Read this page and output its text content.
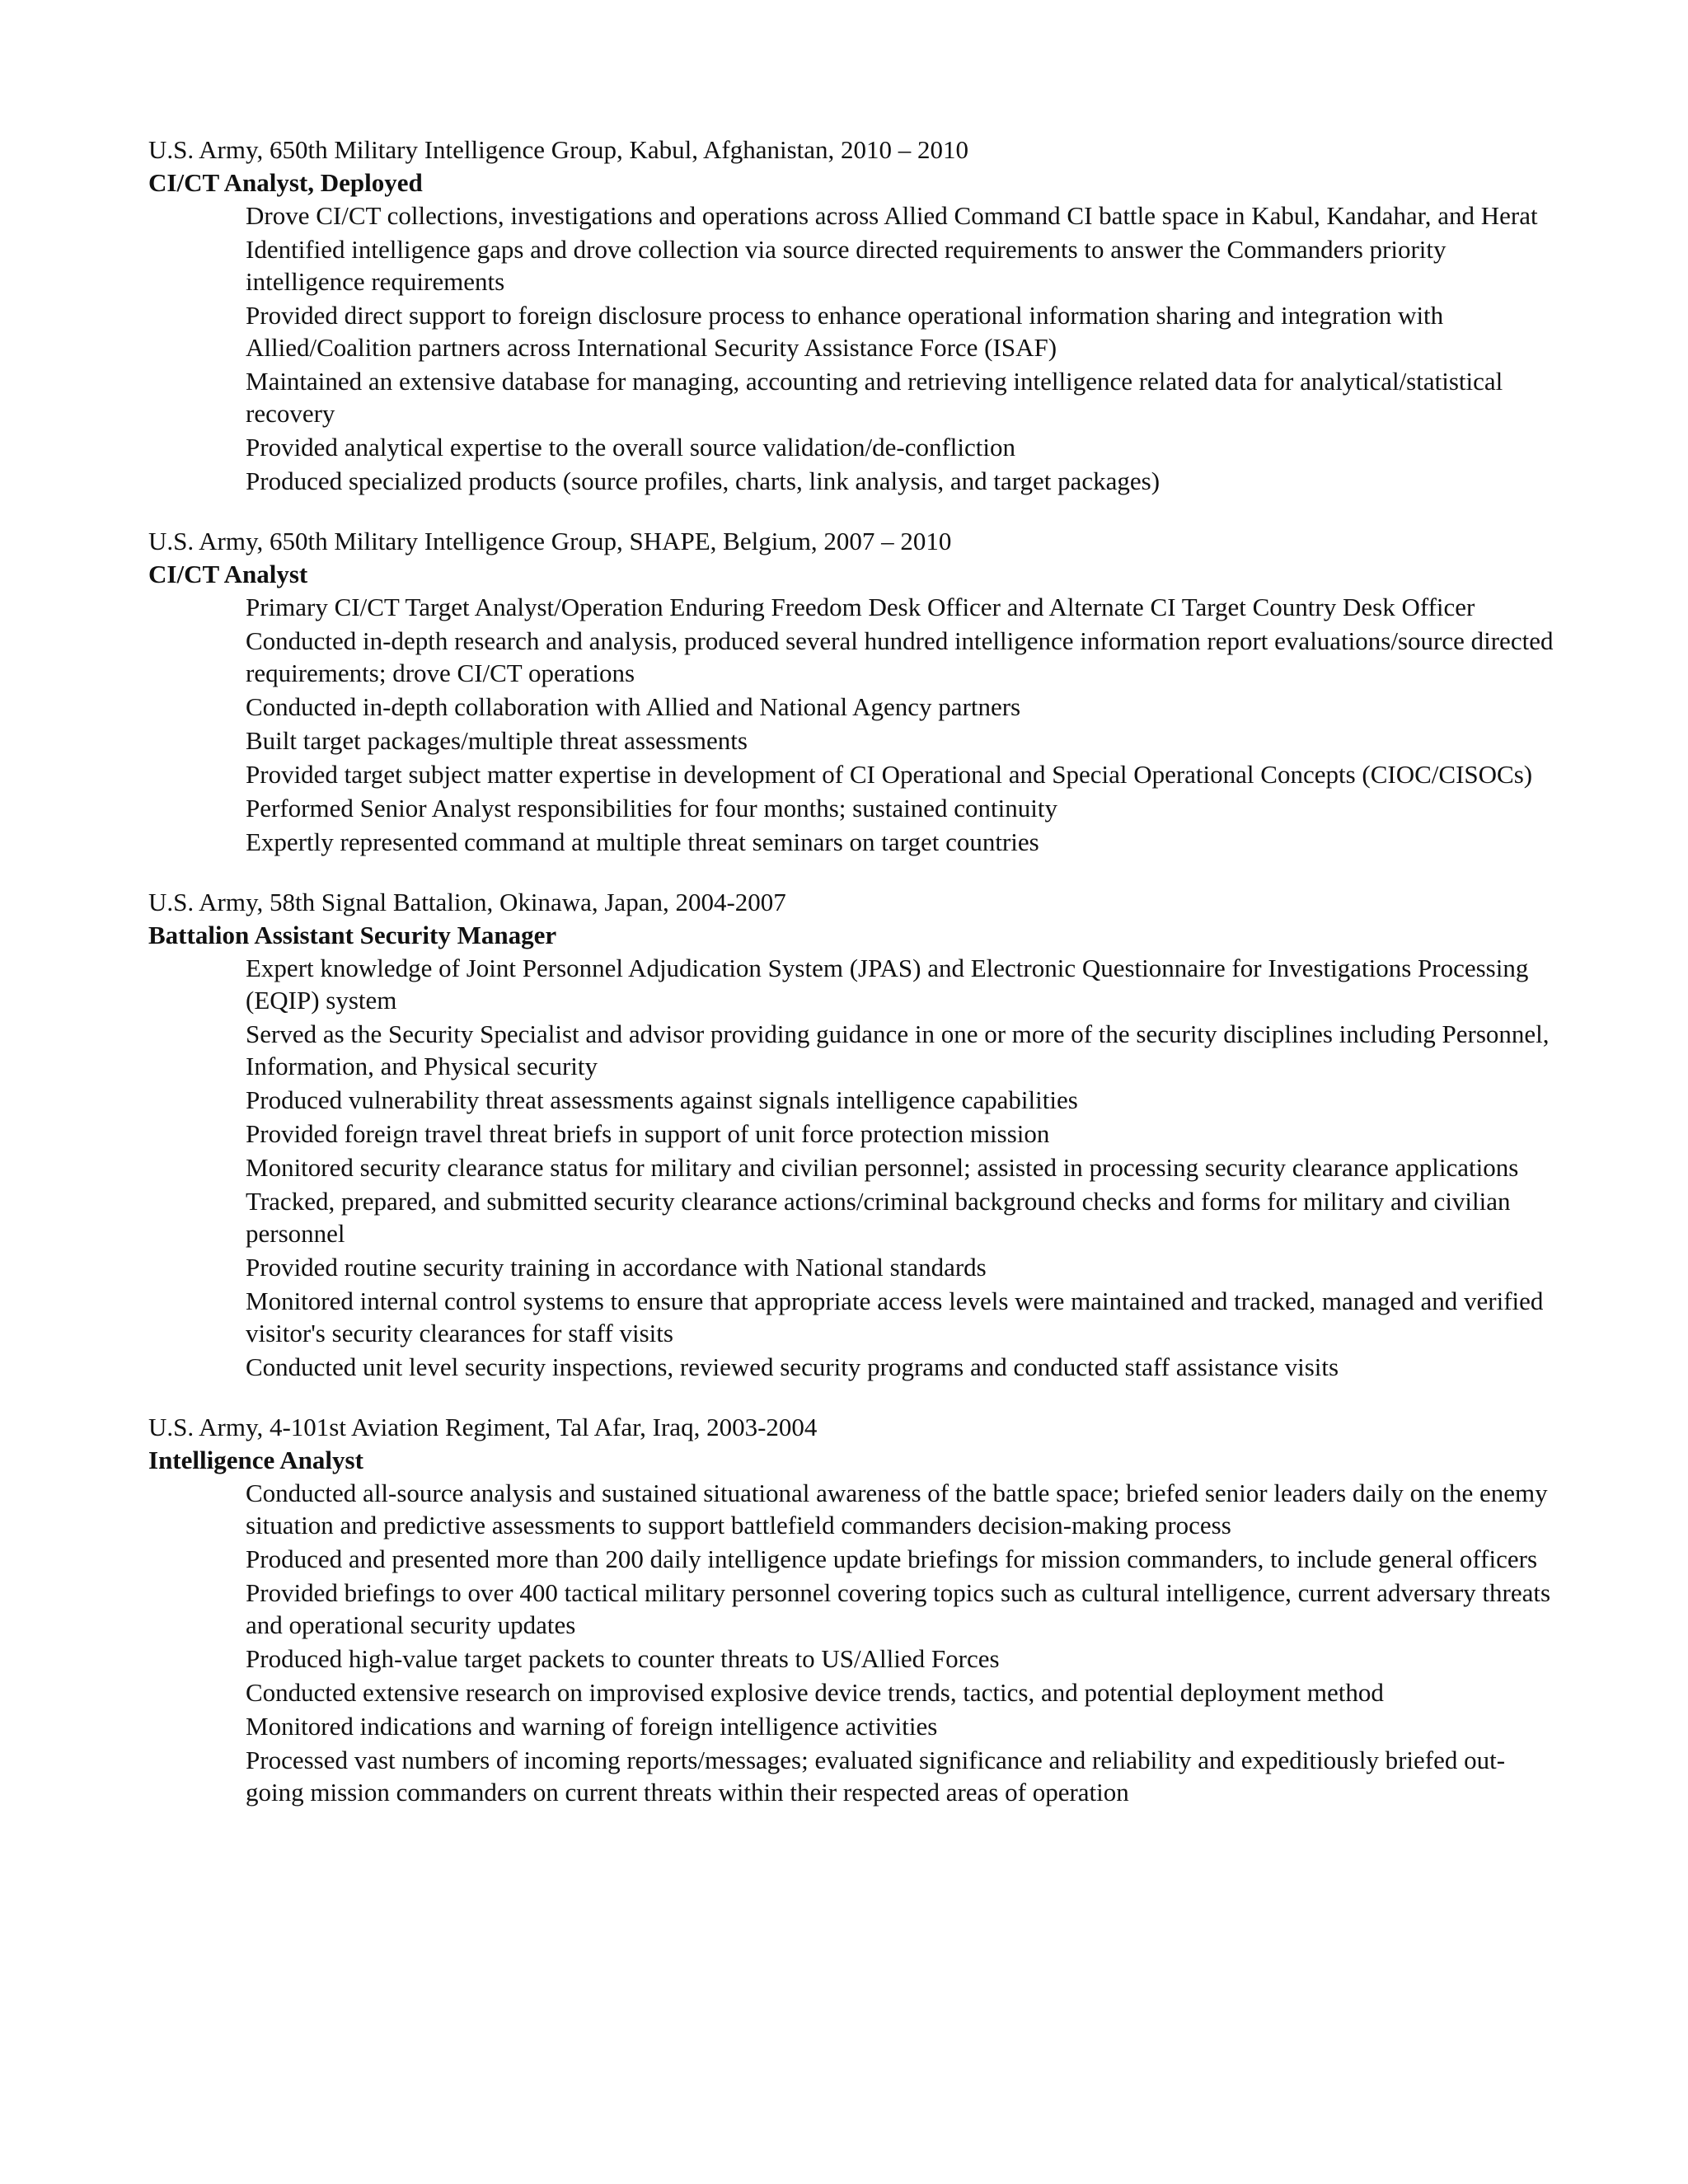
U.S. Army, 650th Military Intelligence Group, Kabul, Afghanistan, 2010 – 2010
CI/CT Analyst, Deployed
Drove CI/CT collections, investigations and operations across Allied Command CI battle space in Kabul, Kandahar, and Herat
Identified intelligence gaps and drove collection via source directed requirements to answer the Commanders priority intelligence requirements
Provided direct support to foreign disclosure process to enhance operational information sharing and integration with Allied/Coalition partners across International Security Assistance Force (ISAF)
Maintained an extensive database for managing, accounting and retrieving intelligence related data for analytical/statistical recovery
Provided analytical expertise to the overall source validation/de-confliction
Produced specialized products (source profiles, charts, link analysis, and target packages)
U.S. Army, 650th Military Intelligence Group, SHAPE, Belgium, 2007 – 2010
CI/CT Analyst
Primary CI/CT Target Analyst/Operation Enduring Freedom Desk Officer and Alternate CI Target Country Desk Officer
Conducted in-depth research and analysis, produced several hundred intelligence information report evaluations/source directed requirements; drove CI/CT operations
Conducted in-depth collaboration with Allied and National Agency partners
Built target packages/multiple threat assessments
Provided target subject matter expertise in development of CI Operational and Special Operational Concepts (CIOC/CISOCs)
Performed Senior Analyst responsibilities for four months; sustained continuity
Expertly represented command at multiple threat seminars on target countries
U.S. Army, 58th Signal Battalion, Okinawa, Japan, 2004-2007
Battalion Assistant Security Manager
Expert knowledge of Joint Personnel Adjudication System (JPAS) and Electronic Questionnaire for Investigations Processing (EQIP) system
Served as the Security Specialist and advisor providing guidance in one or more of the security disciplines including Personnel, Information, and Physical security
Produced vulnerability threat assessments against signals intelligence capabilities
Provided foreign travel threat briefs in support of unit force protection mission
Monitored security clearance status for military and civilian personnel; assisted in processing security clearance applications
Tracked, prepared, and submitted security clearance actions/criminal background checks and forms for military and civilian personnel
Provided routine security training in accordance with National standards
Monitored internal control systems to ensure that appropriate access levels were maintained and tracked, managed and verified visitor's security clearances for staff visits
Conducted unit level security inspections, reviewed security programs and conducted staff assistance visits
U.S. Army, 4-101st Aviation Regiment, Tal Afar, Iraq, 2003-2004
Intelligence Analyst
Conducted all-source analysis and sustained situational awareness of the battle space; briefed senior leaders daily on the enemy situation and predictive assessments to support battlefield commanders decision-making process
Produced and presented more than 200 daily intelligence update briefings for mission commanders, to include general officers
Provided briefings to over 400 tactical military personnel covering topics such as cultural intelligence, current adversary threats and operational security updates
Produced high-value target packets to counter threats to US/Allied Forces
Conducted extensive research on improvised explosive device trends, tactics, and potential deployment method
Monitored indications and warning of foreign intelligence activities
Processed vast numbers of incoming reports/messages; evaluated significance and reliability and expeditiously briefed out-going mission commanders on current threats within their respected areas of operation
